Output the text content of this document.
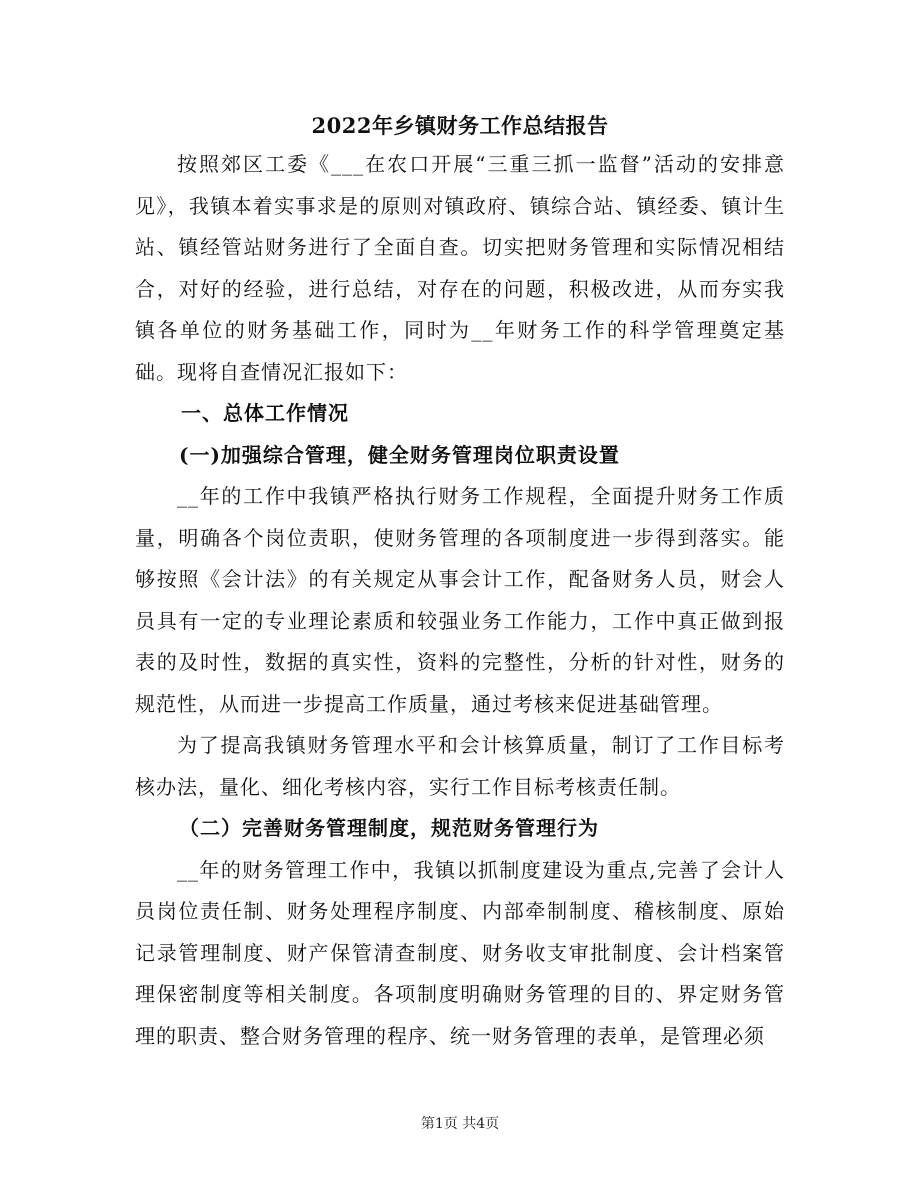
2022年乡镇财务工作总结报告

按照郊区工委《___在农口开展“三重三抓一监督”活动的安排意见》，我镇本着实事求是的原则对镇政府、镇综合站、镇经委、镇计生站、镇经管站财务进行了全面自查。切实把财务管理和实际情况相结合，对好的经验，进行总结，对存在的问题，积极改进，从而夯实我镇各单位的财务基础工作，同时为__年财务工作的科学管理奠定基础。现将自查情况汇报如下：

一、总体工作情况

(一)加强综合管理，健全财务管理岗位职责设置

__年的工作中我镇严格执行财务工作规程，全面提升财务工作质量，明确各个岗位责职，使财务管理的各项制度进一步得到落实。能够按照《会计法》的有关规定从事会计工作，配备财务人员，财会人员具有一定的专业理论素质和较强业务工作能力，工作中真正做到报表的及时性，数据的真实性，资料的完整性，分析的针对性，财务的规范性，从而进一步提高工作质量，通过考核来促进基础管理。

为了提高我镇财务管理水平和会计核算质量，制订了工作目标考核办法，量化、细化考核内容，实行工作目标考核责任制。

（二）完善财务管理制度，规范财务管理行为

__年的财务管理工作中，我镇以抓制度建设为重点,完善了会计人员岗位责任制、财务处理程序制度、内部牵制制度、稽核制度、原始记录管理制度、财产保管清查制度、财务收支审批制度、会计档案管理保密制度等相关制度。各项制度明确财务管理的目的、界定财务管理的职责、整合财务管理的程序、统一财务管理的表单，是管理必须

第1页 共4页
